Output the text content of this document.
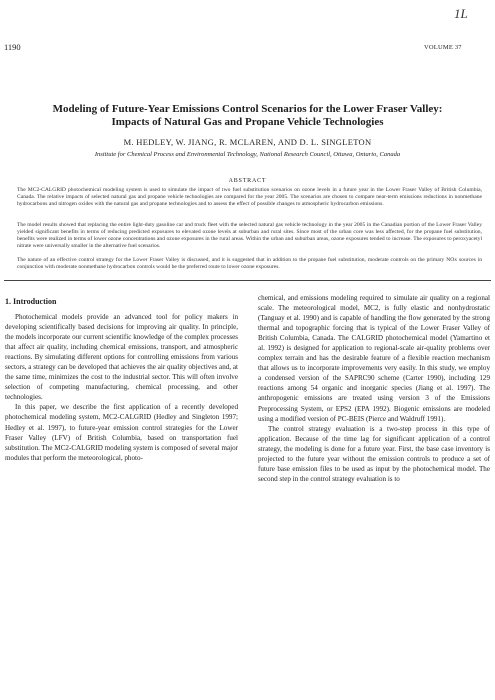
1L
1190	VOLUME 37
Modeling of Future-Year Emissions Control Scenarios for the Lower Fraser Valley:
Impacts of Natural Gas and Propane Vehicle Technologies
M. HEDLEY, W. JIANG, R. MCLAREN, AND D. L. SINGLETON
Institute for Chemical Process and Environmental Technology, National Research Council, Ottawa, Ontario, Canada
ABSTRACT
The MC2-CALGRID photochemical modeling system is used to simulate the impact of two fuel substitution scenarios on ozone levels in a future year in the Lower Fraser Valley of British Columbia, Canada. The relative impacts of selected natural gas and propane vehicle technologies are compared for the year 2005. The scenarios are chosen to compare near-term emissions reductions in nonmethane hydrocarbons and nitrogen oxides with the natural gas and propane technologies and to assess the effect of possible changes to atmospheric hydrocarbon emissions.
The model results showed that replacing the entire light-duty gasoline car and truck fleet with the selected natural gas vehicle technology in the year 2005 in the Canadian portion of the Lower Fraser Valley yielded significant benefits in terms of reducing predicted exposures to elevated ozone levels at suburban and rural sites. Since most of the urban core was less affected, for the propane fuel substitution, benefits were realized in terms of lower ozone concentrations and ozone exposures in the rural areas. Within the urban and suburban areas, ozone exposures tended to increase. The exposures to peroxyacetyl nitrate were universally smaller in the alternative fuel scenarios.
The nature of an effective control strategy for the Lower Fraser Valley is discussed, and it is suggested that in addition to the propane fuel substitution, moderate controls on the primary NOx sources in conjunction with moderate nonmethane hydrocarbon controls would be the preferred route to lower ozone exposures.
1. Introduction

Photochemical models provide an advanced tool for policy makers in developing scientifically based decisions for improving air quality. In principle, the models incorporate our current scientific knowledge of the complex processes that affect air quality, including chemical emissions, transport, and atmospheric reactions. By simulating different options for controlling emissions from various sectors, a strategy can be developed that achieves the air quality objectives and, at the same time, minimizes the cost to the industrial sector. This will often involve selection of competing manufacturing, chemical processing, and other technologies.

In this paper, we describe the first application of a recently developed photochemical modeling system, MC2-CALGRID (Hedley and Singleton 1997; Hedley et al. 1997), to future-year emission control strategies for the Lower Fraser Valley (LFV) of British Columbia, based on transportation fuel substitution. The MC2-CALGRID modeling system is composed of several major modules that perform the meteorological, photo-

chemical, and emissions modeling required to simulate air quality on a regional scale. The meteorological model, MC2, is fully elastic and nonhydrostatic (Tanguay et al. 1990) and is capable of handling the flow generated by the strong thermal and topographic forcing that is typical of the Lower Fraser Valley of British Columbia, Canada. The CALGRID photochemical model (Yamartino et al. 1992) is designed for application to regional-scale air-quality problems over complex terrain and has the desirable feature of a flexible reaction mechanism that allows us to incorporate improvements very easily. In this study, we employ a condensed version of the SAPRC90 scheme (Carter 1990), including 129 reactions among 54 organic and inorganic species (Jiang et al. 1997). The anthropogenic emissions are treated using version 3 of the Emissions Preprocessing System, or EPS2 (EPA 1992). Biogenic emissions are modeled using a modified version of PC-BEIS (Pierce and Waldruff 1991).

The control strategy evaluation is a two-step process in this type of application. Because of the time lag for significant application of a control strategy, the modeling is done for a future year. First, the base case inventory is projected to the future year without the emission controls to produce a set of future base emission files to be used as input by the photochemical model. The second step in the control strategy evaluation is to
